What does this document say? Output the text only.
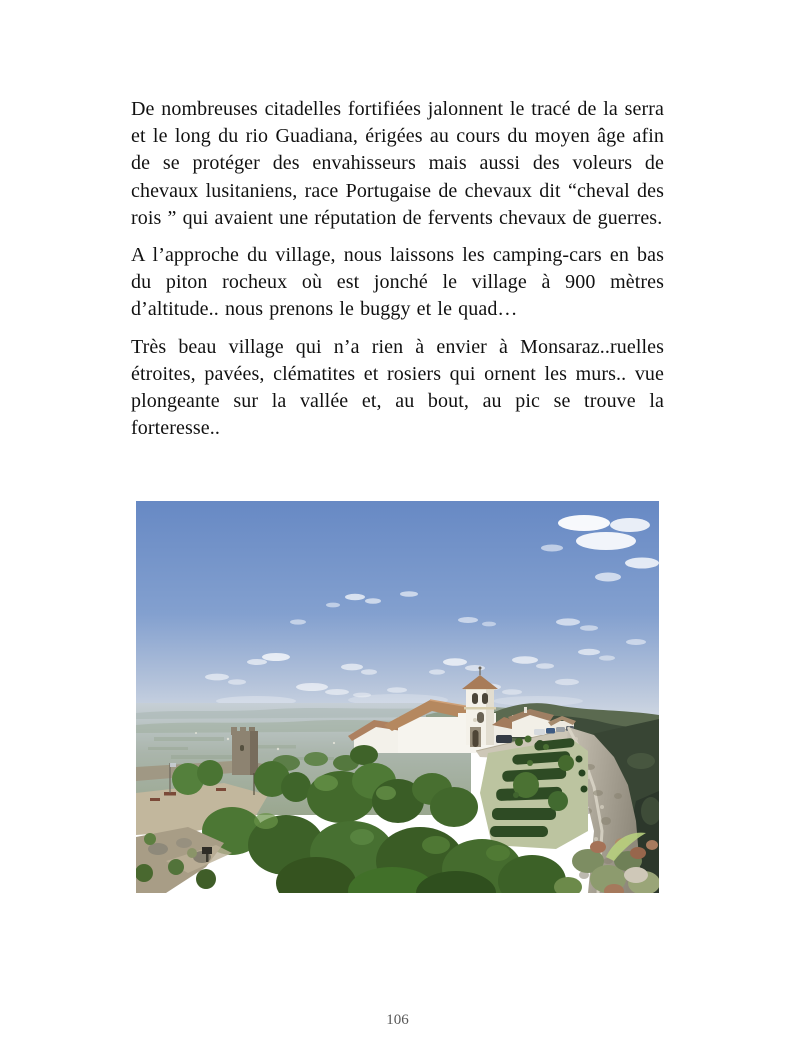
De nombreuses citadelles fortifiées jalonnent le tracé de la serra et le long du rio Guadiana, érigées au cours du moyen âge afin de se protéger des envahisseurs mais aussi des voleurs de chevaux lusitaniens, race Portugaise de chevaux dit “cheval des rois ” qui avaient une réputation de fervents chevaux de guerres.

A l’approche du village, nous laissons les camping-cars en bas du piton rocheux où est jonché le village à 900 mètres d’altitude.. nous prenons le buggy et le quad…

Très beau village qui n’a rien à envier à Monsaraz..ruelles étroites, pavées, clématites et rosiers qui ornent les murs.. vue plongeante sur la vallée et, au bout, au pic se trouve la forteresse..

106
